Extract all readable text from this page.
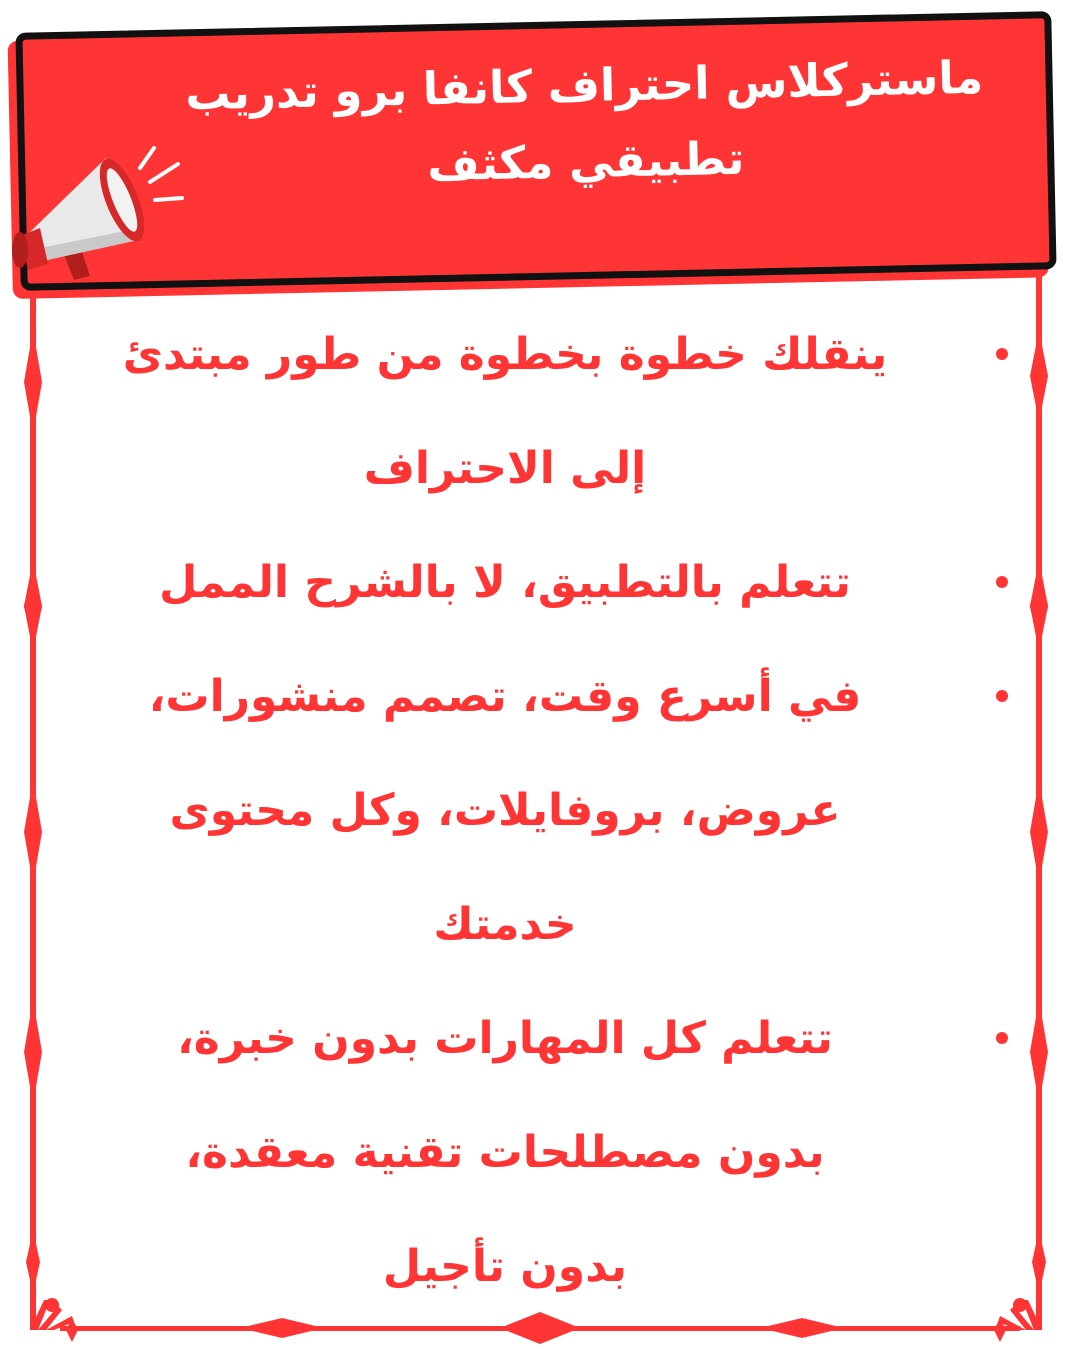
ماستركلاس احتراف كانفا برو تدريب
تطبيقي مكثف
ينقلك خطوة بخطوة من طور مبتدئ
إلى الاحتراف
تتعلم بالتطبيق، لا بالشرح الممل
في أسرع وقت، تصمم منشورات،
عروض، بروفايلات، وكل محتوى
خدمتك
تتعلم كل المهارات بدون خبرة،
بدون مصطلحات تقنية معقدة،
بدون تأجيل
